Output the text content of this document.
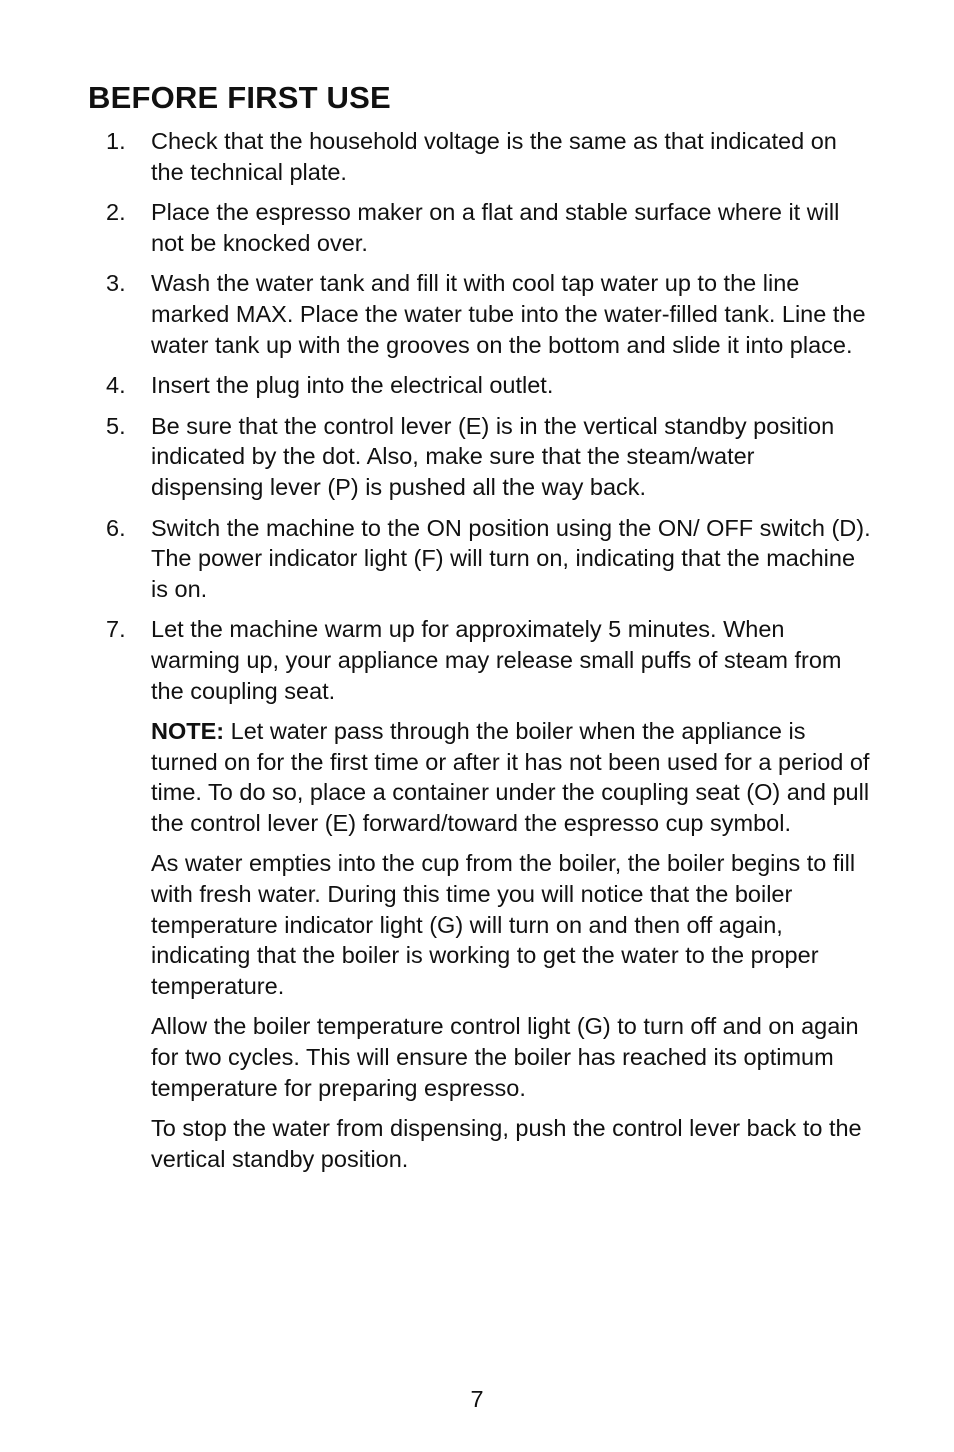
BEFORE FIRST USE
1.	Check that the household voltage is the same as that indicated on the technical plate.

2.	Place the espresso maker on a flat and stable surface where it will not be knocked over.

3.	Wash the water tank and fill it with cool tap water up to the line marked MAX. Place the water tube into the water-filled tank. Line the water tank up with the grooves on the bottom and slide it into place.

4.	Insert the plug into the electrical outlet.

5.	Be sure that the control lever (E) is in the vertical standby position indicated by the dot. Also, make sure that the steam/water dispensing lever (P) is pushed all the way back.

6.	Switch the machine to the ON position using the ON/ OFF switch (D). The power indicator light (F) will turn on, indicating that the machine is on.

7.	Let the machine warm up for approximately 5 minutes. When warming up, your appliance may release small puffs of steam from the coupling seat.

NOTE: Let water pass through the boiler when the appliance is turned on for the first time or after it has not been used for a period of time. To do so, place a container under the coupling seat (O) and pull the control lever (E) forward/toward the espresso cup symbol.

As water empties into the cup from the boiler, the boiler begins to fill with fresh water. During this time you will notice that the boiler temperature indicator light (G) will turn on and then off again, indicating that the boiler is working to get the water to the proper temperature.

Allow the boiler temperature control light (G) to turn off and on again for two cycles. This will ensure the boiler has reached its optimum temperature for preparing espresso.

To stop the water from dispensing, push the control lever back to the vertical standby position.

7
